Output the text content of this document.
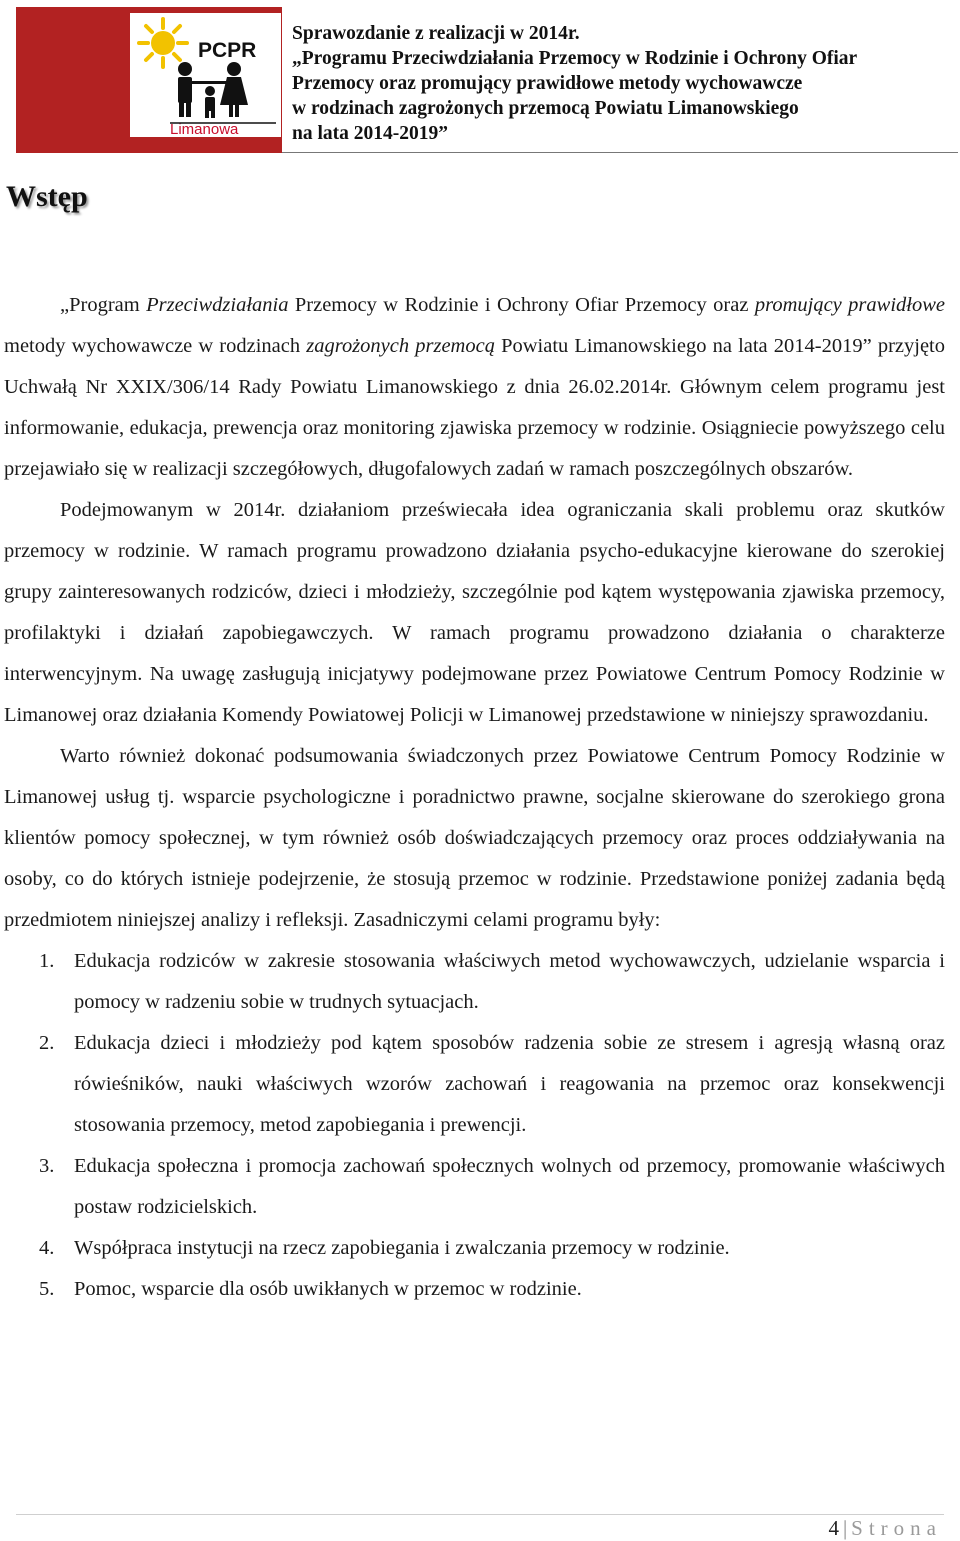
PCPR
Limanowa
Sprawozdanie z realizacji w 2014r.
„Programu Przeciwdziałania Przemocy w Rodzinie i Ochrony Ofiar
Przemocy oraz promujący prawidłowe metody wychowawcze
w rodzinach zagrożonych przemocą Powiatu Limanowskiego
na lata 2014-2019”
Wstęp

„Program Przeciwdziałania Przemocy w Rodzinie i Ochrony Ofiar Przemocy oraz promujący prawidłowe metody wychowawcze w rodzinach zagrożonych przemocą Powiatu Limanowskiego na lata 2014-2019” przyjęto Uchwałą Nr XXIX/306/14 Rady Powiatu Limanowskiego z dnia 26.02.2014r. Głównym celem programu jest informowanie, edukacja, prewencja oraz monitoring zjawiska przemocy w rodzinie. Osiągniecie powyższego celu przejawiało się w realizacji szczegółowych, długofalowych zadań w ramach poszczególnych obszarów.

Podejmowanym w 2014r. działaniom przeświecała idea ograniczania skali problemu oraz skutków przemocy w rodzinie. W ramach programu prowadzono działania psycho-edukacyjne kierowane do szerokiej grupy zainteresowanych rodziców, dzieci i młodzieży, szczególnie pod kątem występowania zjawiska przemocy, profilaktyki i działań zapobiegawczych. W ramach programu prowadzono działania o charakterze interwencyjnym. Na uwagę zasługują inicjatywy podejmowane przez Powiatowe Centrum Pomocy Rodzinie w Limanowej oraz działania Komendy Powiatowej Policji w Limanowej przedstawione w niniejszy sprawozdaniu.

Warto również dokonać podsumowania świadczonych przez Powiatowe Centrum Pomocy Rodzinie w Limanowej usług tj. wsparcie psychologiczne i poradnictwo prawne, socjalne skierowane do szerokiego grona klientów pomocy społecznej, w tym również osób doświadczających przemocy oraz proces oddziaływania na osoby, co do których istnieje podejrzenie, że stosują przemoc w rodzinie. Przedstawione poniżej zadania będą przedmiotem niniejszej analizy i refleksji. Zasadniczymi celami programu były:

1. Edukacja rodziców w zakresie stosowania właściwych metod wychowawczych, udzielanie wsparcia i pomocy w radzeniu sobie w trudnych sytuacjach.
2. Edukacja dzieci i młodzieży pod kątem sposobów radzenia sobie ze stresem i agresją własną oraz rówieśników, nauki właściwych wzorów zachowań i reagowania na przemoc oraz konsekwencji stosowania przemocy, metod zapobiegania i prewencji.
3. Edukacja społeczna i promocja zachowań społecznych wolnych od przemocy, promowanie właściwych postaw rodzicielskich.
4. Współpraca instytucji na rzecz zapobiegania i zwalczania przemocy w rodzinie.
5. Pomoc, wsparcie dla osób uwikłanych w przemoc w rodzinie.
4 | Strona
